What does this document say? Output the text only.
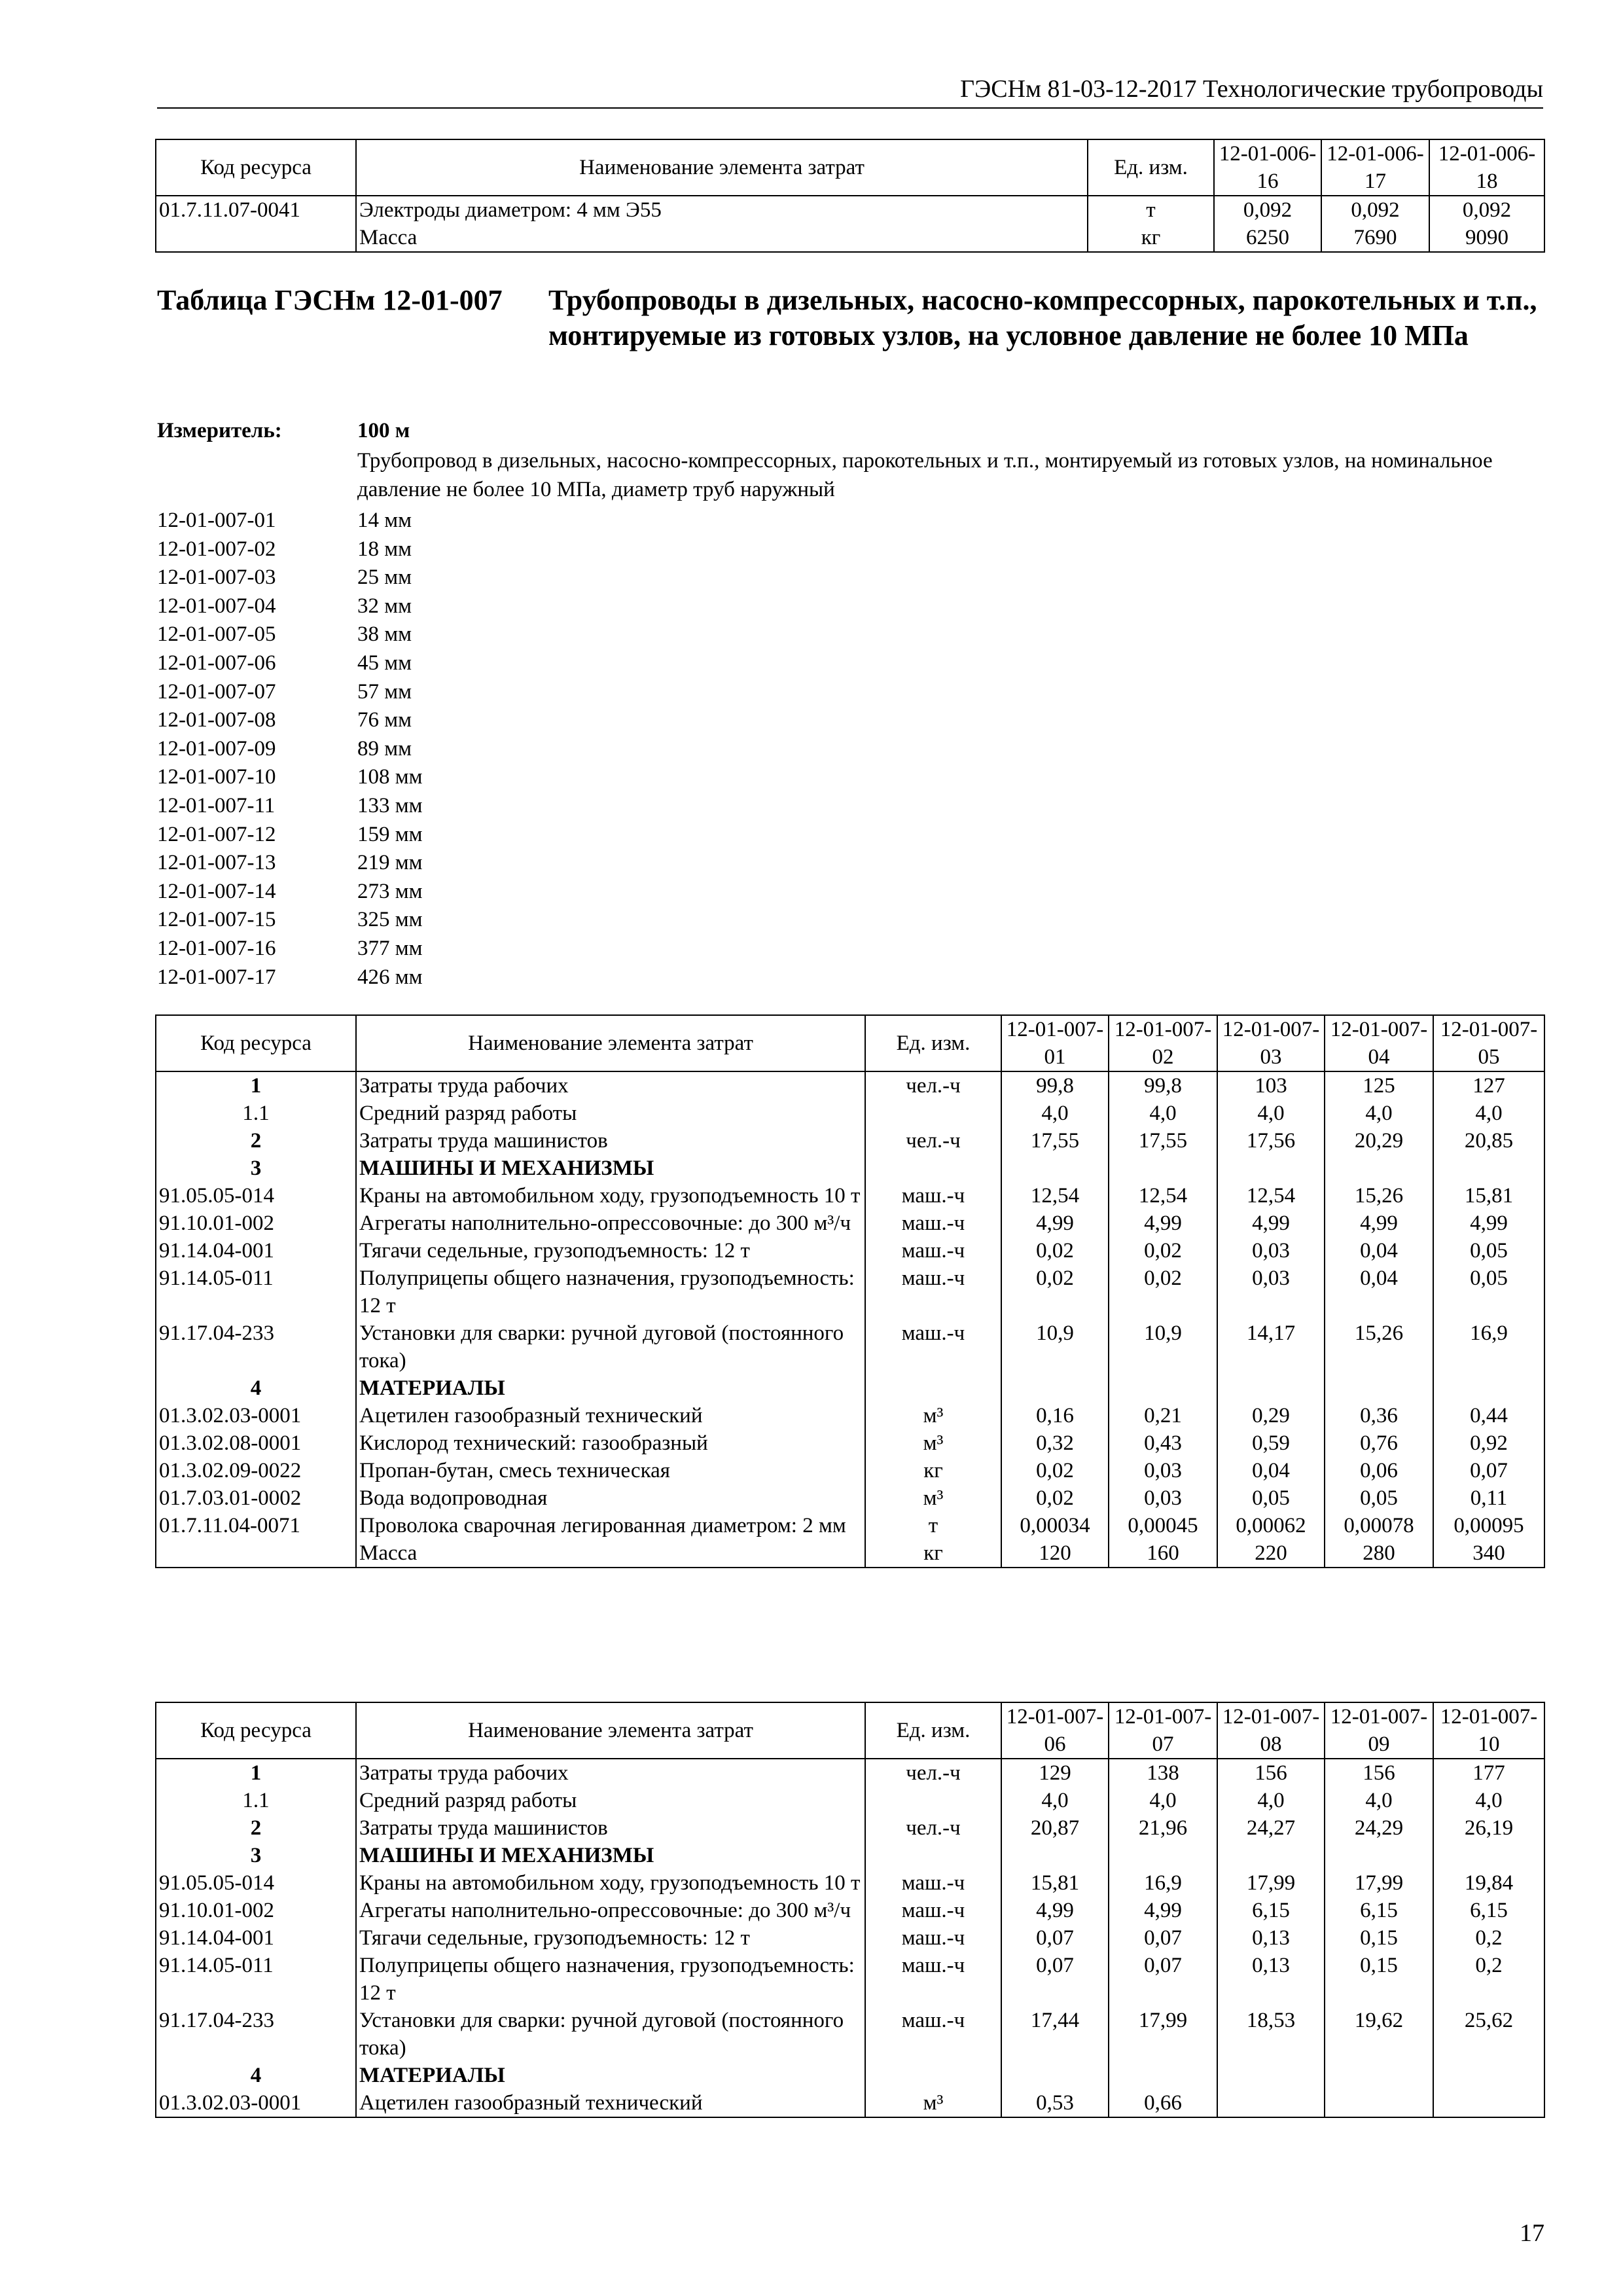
ГЭСНм 81-03-12-2017 Технологические трубопроводы
Код ресурса	Наименование элемента затрат	Ед. изм.	12-01-006-16	12-01-006-17	12-01-006-18
01.7.11.07-0041	Электроды диаметром: 4 мм Э55	т	0,092	0,092	0,092
	Масса	кг	6250	7690	9090
Таблица ГЭСНм 12-01-007 Трубопроводы в дизельных, насосно-компрессорных, парокотельных и т.п., монтируемые из готовых узлов, на условное давление не более 10 МПа
Измеритель:	100 м
Трубопровод в дизельных, насосно-компрессорных, парокотельных и т.п., монтируемый из готовых узлов, на номинальное давление не более 10 МПа, диаметр труб наружный
12-01-007-01	14 мм
12-01-007-02	18 мм
12-01-007-03	25 мм
12-01-007-04	32 мм
12-01-007-05	38 мм
12-01-007-06	45 мм
12-01-007-07	57 мм
12-01-007-08	76 мм
12-01-007-09	89 мм
12-01-007-10	108 мм
12-01-007-11	133 мм
12-01-007-12	159 мм
12-01-007-13	219 мм
12-01-007-14	273 мм
12-01-007-15	325 мм
12-01-007-16	377 мм
12-01-007-17	426 мм
Код ресурса	Наименование элемента затрат	Ед. изм.	12-01-007-01	12-01-007-02	12-01-007-03	12-01-007-04	12-01-007-05
1	Затраты труда рабочих	чел.-ч	99,8	99,8	103	125	127
1.1	Средний разряд работы		4,0	4,0	4,0	4,0	4,0
2	Затраты труда машинистов	чел.-ч	17,55	17,55	17,56	20,29	20,85
3	МАШИНЫ И МЕХАНИЗМЫ						
91.05.05-014	Краны на автомобильном ходу, грузоподъемность 10 т	маш.-ч	12,54	12,54	12,54	15,26	15,81
91.10.01-002	Агрегаты наполнительно-опрессовочные: до 300 м³/ч	маш.-ч	4,99	4,99	4,99	4,99	4,99
91.14.04-001	Тягачи седельные, грузоподъемность: 12 т	маш.-ч	0,02	0,02	0,03	0,04	0,05
91.14.05-011	Полуприцепы общего назначения, грузоподъемность: 12 т	маш.-ч	0,02	0,02	0,03	0,04	0,05
91.17.04-233	Установки для сварки: ручной дуговой (постоянного тока)	маш.-ч	10,9	10,9	14,17	15,26	16,9
4	МАТЕРИАЛЫ						
01.3.02.03-0001	Ацетилен газообразный технический	м³	0,16	0,21	0,29	0,36	0,44
01.3.02.08-0001	Кислород технический: газообразный	м³	0,32	0,43	0,59	0,76	0,92
01.3.02.09-0022	Пропан-бутан, смесь техническая	кг	0,02	0,03	0,04	0,06	0,07
01.7.03.01-0002	Вода водопроводная	м³	0,02	0,03	0,05	0,05	0,11
01.7.11.04-0071	Проволока сварочная легированная диаметром: 2 мм	т	0,00034	0,00045	0,00062	0,00078	0,00095
	Масса	кг	120	160	220	280	340
Код ресурса	Наименование элемента затрат	Ед. изм.	12-01-007-06	12-01-007-07	12-01-007-08	12-01-007-09	12-01-007-10
1	Затраты труда рабочих	чел.-ч	129	138	156	156	177
1.1	Средний разряд работы		4,0	4,0	4,0	4,0	4,0
2	Затраты труда машинистов	чел.-ч	20,87	21,96	24,27	24,29	26,19
3	МАШИНЫ И МЕХАНИЗМЫ						
91.05.05-014	Краны на автомобильном ходу, грузоподъемность 10 т	маш.-ч	15,81	16,9	17,99	17,99	19,84
91.10.01-002	Агрегаты наполнительно-опрессовочные: до 300 м³/ч	маш.-ч	4,99	4,99	6,15	6,15	6,15
91.14.04-001	Тягачи седельные, грузоподъемность: 12 т	маш.-ч	0,07	0,07	0,13	0,15	0,2
91.14.05-011	Полуприцепы общего назначения, грузоподъемность: 12 т	маш.-ч	0,07	0,07	0,13	0,15	0,2
91.17.04-233	Установки для сварки: ручной дуговой (постоянного тока)	маш.-ч	17,44	17,99	18,53	19,62	25,62
4	МАТЕРИАЛЫ						
01.3.02.03-0001	Ацетилен газообразный технический	м³	0,53	0,66			
17
